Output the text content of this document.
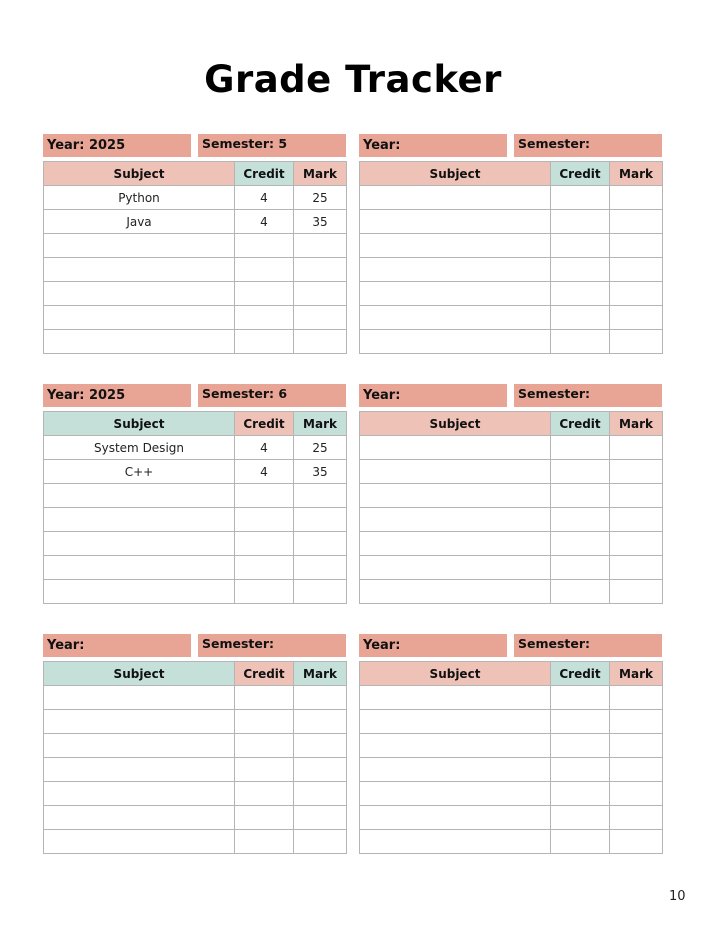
Grade Tracker
Year: 2025	Semester: 5
Subject	Credit	Mark
Python	4	25
Java	4	35

Year:	Semester:
Subject	Credit	Mark

Year: 2025	Semester: 6
Subject	Credit	Mark
System Design	4	25
C++	4	35

Year:	Semester:
Subject	Credit	Mark

Year:	Semester:
Subject	Credit	Mark

Year:	Semester:
Subject	Credit	Mark

10
